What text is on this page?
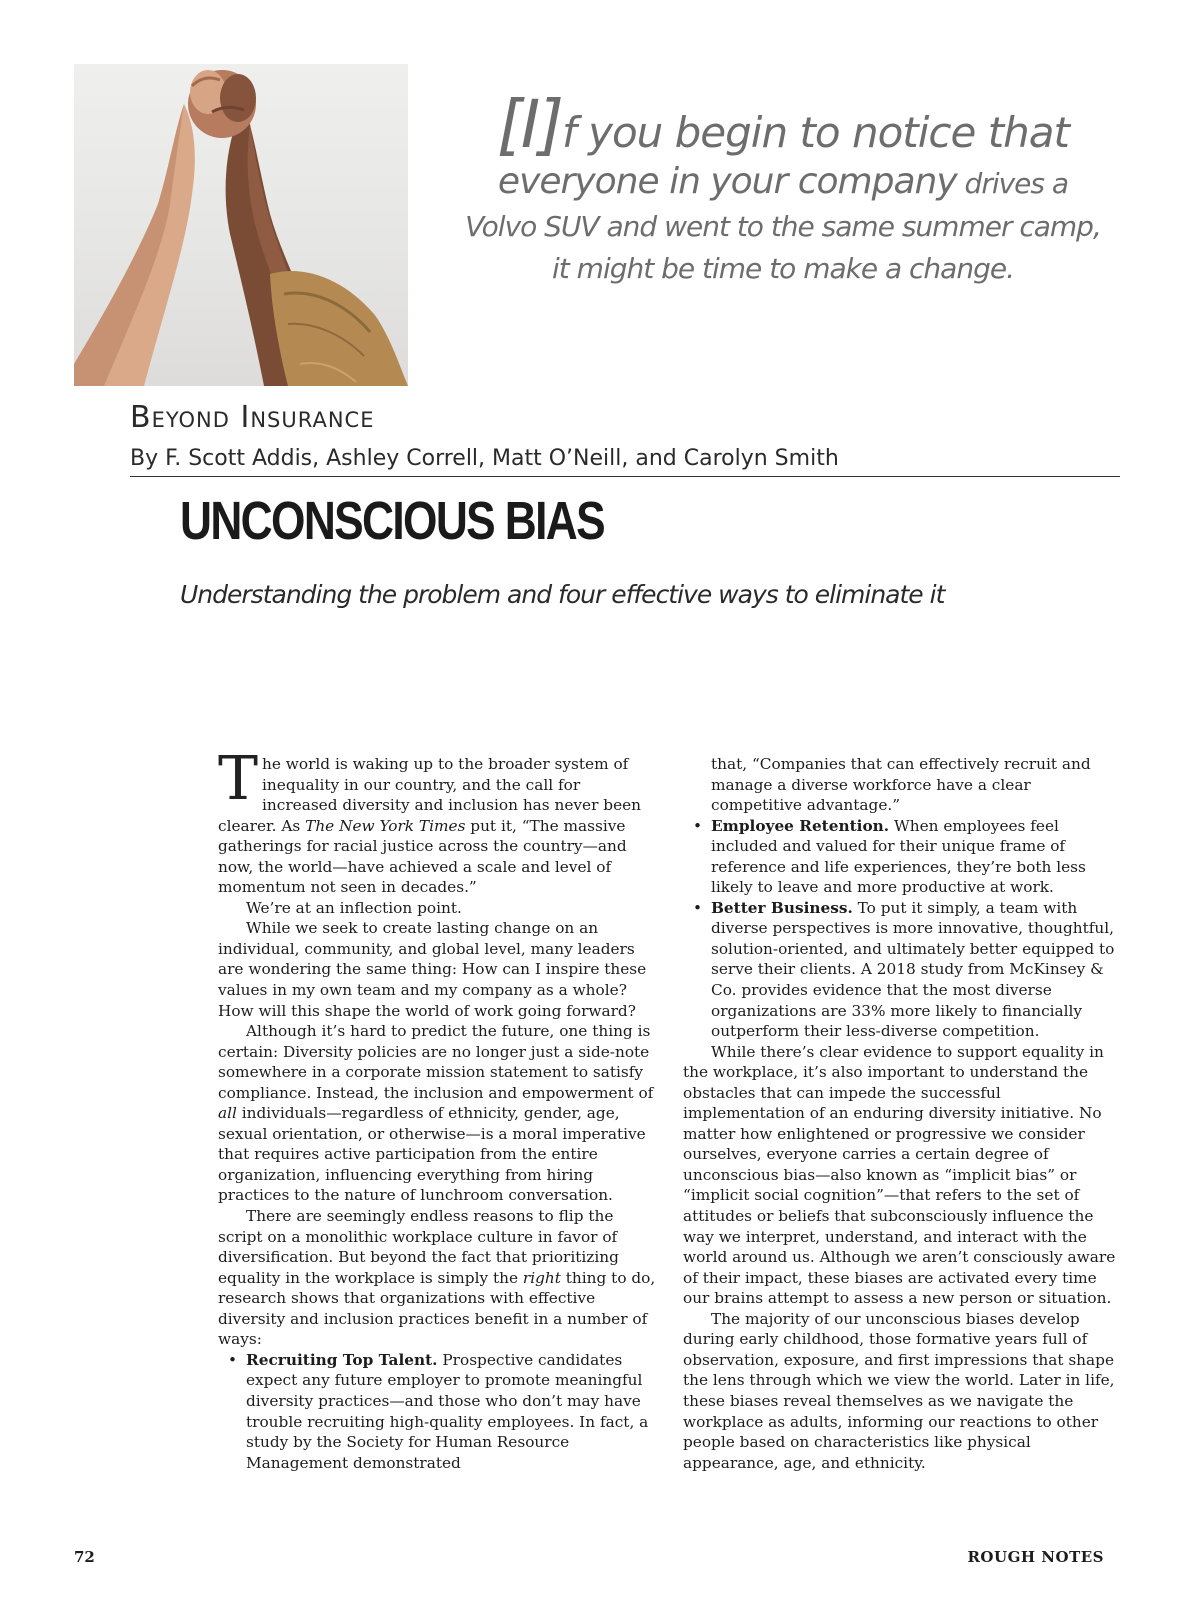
[I]f you begin to notice that
everyone in your company drives a
Volvo SUV and went to the same summer camp,
it might be time to make a change.
Beyond Insurance
By F. Scott Addis, Ashley Correll, Matt O’Neill, and Carolyn Smith
UNCONSCIOUS BIAS
Understanding the problem and four effective ways to eliminate it

The world is waking up to the broader system of inequality in our country, and the call for increased diversity and inclusion has never been clearer. As The New York Times put it, “The massive gatherings for racial justice across the country—and now, the world—have achieved a scale and level of momentum not seen in decades.”

We’re at an inflection point.

While we seek to create lasting change on an individual, community, and global level, many leaders are wondering the same thing: How can I inspire these values in my own team and my company as a whole? How will this shape the world of work going forward?

Although it’s hard to predict the future, one thing is certain: Diversity policies are no longer just a side-note somewhere in a corporate mission statement to satisfy compliance. Instead, the inclusion and empowerment of all individuals—regardless of ethnicity, gender, age, sexual orientation, or otherwise—is a moral imperative that requires active participation from the entire organization, influencing everything from hiring practices to the nature of lunchroom conversation.

There are seemingly endless reasons to flip the script on a monolithic workplace culture in favor of diversification. But beyond the fact that prioritizing equality in the workplace is simply the right thing to do, research shows that organizations with effective diversity and inclusion practices benefit in a number of ways:

• Recruiting Top Talent. Prospective candidates expect any future employer to promote meaningful diversity practices—and those who don’t may have trouble recruiting high-quality employees. In fact, a study by the Society for Human Resource Management demonstrated

that, “Companies that can effectively recruit and manage a diverse workforce have a clear competitive advantage.”

• Employee Retention. When employees feel included and valued for their unique frame of reference and life experiences, they’re both less likely to leave and more productive at work.

• Better Business. To put it simply, a team with diverse perspectives is more innovative, thoughtful, solution-oriented, and ultimately better equipped to serve their clients. A 2018 study from McKinsey & Co. provides evidence that the most diverse organizations are 33% more likely to financially outperform their less-diverse competition.

While there’s clear evidence to support equality in the workplace, it’s also important to understand the obstacles that can impede the successful implementation of an enduring diversity initiative. No matter how enlightened or progressive we consider ourselves, everyone carries a certain degree of unconscious bias—also known as “implicit bias” or “implicit social cognition”—that refers to the set of attitudes or beliefs that subconsciously influence the way we interpret, understand, and interact with the world around us. Although we aren’t consciously aware of their impact, these biases are activated every time our brains attempt to assess a new person or situation.

The majority of our unconscious biases develop during early childhood, those formative years full of observation, exposure, and first impressions that shape the lens through which we view the world. Later in life, these biases reveal themselves as we navigate the workplace as adults, informing our reactions to other people based on characteristics like physical appearance, age, and ethnicity.

72	ROUGH NOTES
